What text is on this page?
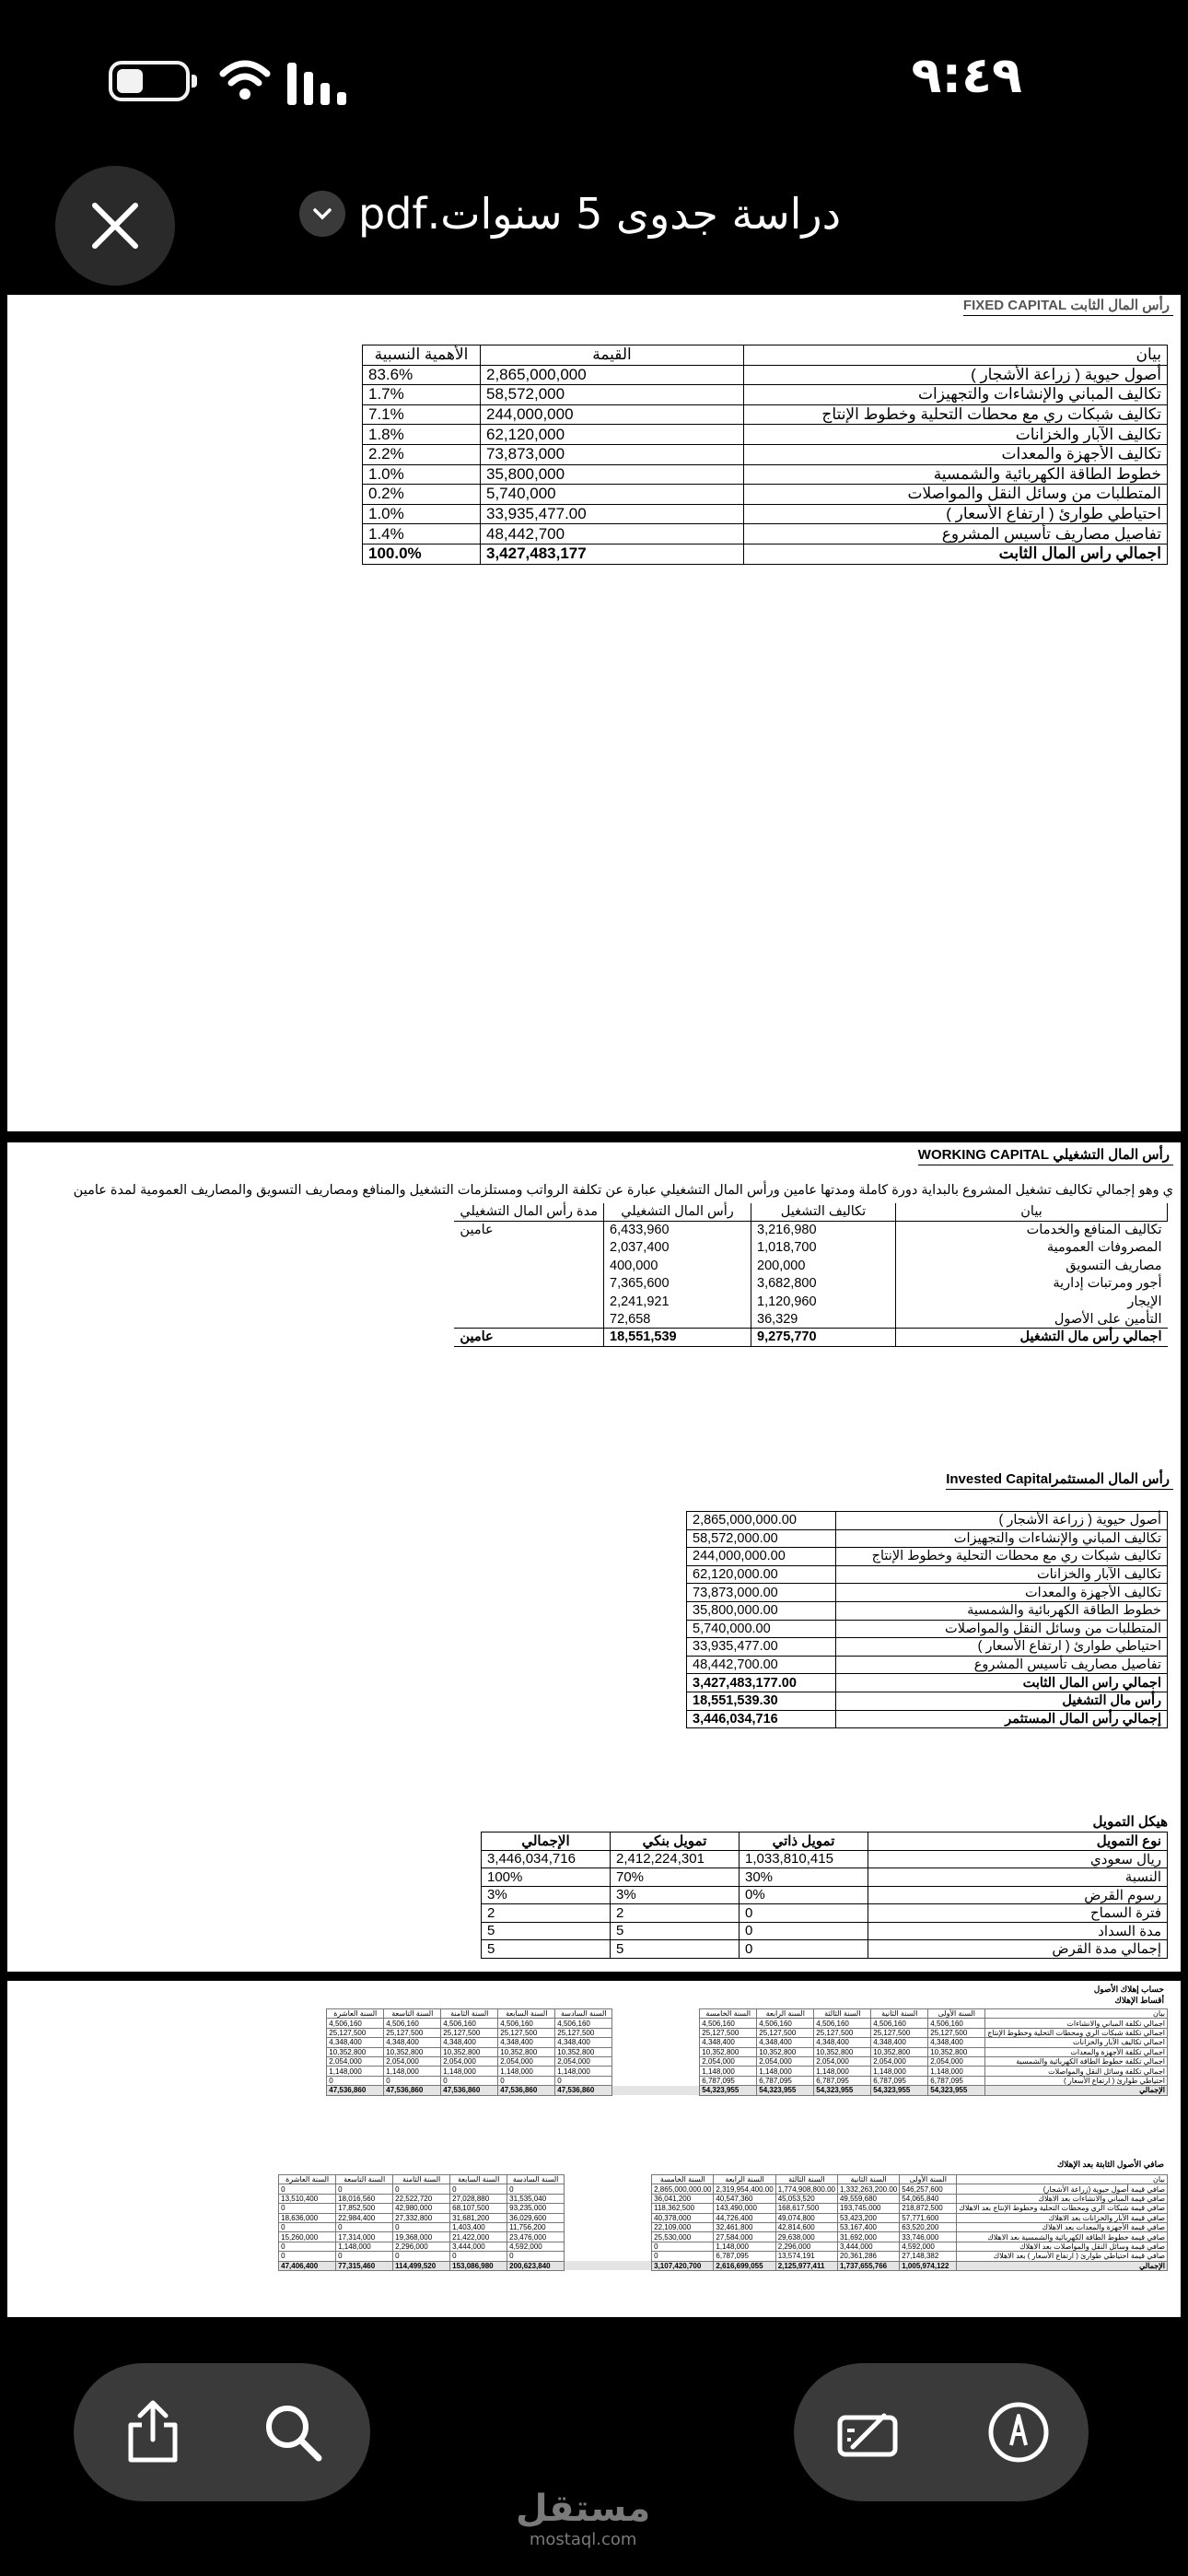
٩:٤٩
دراسة جدوى 5 سنوات.pdf
رأس المال الثابت FIXED CAPITAL
بيان	القيمة	الأهمية النسبية
أصول حيوية ( زراعة الأشجار )	2,865,000,000	83.6%
تكاليف المباني والإنشاءات والتجهيزات	58,572,000	1.7%
تكاليف شبكات ري مع محطات التحلية وخطوط الإنتاج	244,000,000	7.1%
تكاليف الآبار والخزانات	62,120,000	1.8%
تكاليف الأجهزة والمعدات	73,873,000	2.2%
خطوط الطاقة الكهربائية والشمسية	35,800,000	1.0%
المتطلبات من وسائل النقل والمواصلات	5,740,000	0.2%
احتياطي طوارئ ( ارتفاع الأسعار )	33,935,477.00	1.0%
تفاصيل مصاريف تأسيس المشروع	48,442,700	1.4%
اجمالي راس المال الثابت	3,427,483,177	100.0%
رأس المال التشغيلي WORKING CAPITAL
ي وهو إجمالي تكاليف تشغيل المشروع بالبداية دورة كاملة ومدتها عامين ورأس المال التشغيلي عبارة عن تكلفة الرواتب ومستلزمات التشغيل والمنافع ومصاريف التسويق والمصاريف العمومية لمدة عامين
بيان	تكاليف التشغيل	رأس المال التشغيلي	مدة رأس المال التشغيلي
تكاليف المنافع والخدمات	3,216,980	6,433,960	عامين
المصروفات العمومية	1,018,700	2,037,400	
مصاريف التسويق	200,000	400,000	
أجور ومرتبات إدارية	3,682,800	7,365,600	
الإيجار	1,120,960	2,241,921	
التأمين على الأصول	36,329	72,658	
اجمالي رأس مال التشغيل	9,275,770	18,551,539	عامين
رأس المال المستثمرInvested Capital
أصول حيوية ( زراعة الأشجار )	2,865,000,000.00
تكاليف المباني والإنشاءات والتجهيزات	58,572,000.00
تكاليف شبكات ري مع محطات التحلية وخطوط الإنتاج	244,000,000.00
تكاليف الآبار والخزانات	62,120,000.00
تكاليف الأجهزة والمعدات	73,873,000.00
خطوط الطاقة الكهربائية والشمسية	35,800,000.00
المتطلبات من وسائل النقل والمواصلات	5,740,000.00
احتياطي طوارئ ( ارتفاع الأسعار )	33,935,477.00
تفاصيل مصاريف تأسيس المشروع	48,442,700.00
اجمالي راس المال الثابت	3,427,483,177.00
رأس مال التشغيل	18,551,539.30
إجمالي رأس المال المستثمر	3,446,034,716
هيكل التمويل
نوع التمويل	تمويل ذاتي	تمويل بنكي	الإجمالي
ريال سعودي	1,033,810,415	2,412,224,301	3,446,034,716
النسبة	30%	70%	100%
رسوم القرض	0%	3%	3%
فترة السماح	0	2	2
مدة السداد	0	5	5
إجمالي مدة القرض	0	5	5
حساب إهلاك الأصول
أقساط الإهلاك
بيان	السنة الأولى	السنة الثانية	السنة الثالثة	السنة الرابعة	السنة الخامسة		السنة السادسة	السنة السابعة	السنة الثامنة	السنة التاسعة	السنة العاشرة
اجمالي تكلفة المباني والانشاءات	4,506,160	4,506,160	4,506,160	4,506,160	4,506,160		4,506,160	4,506,160	4,506,160	4,506,160	4,506,160
اجمالي تكلفة شبكات الري ومحطات التحلية وخطوط الإنتاج	25,127,500	25,127,500	25,127,500	25,127,500	25,127,500		25,127,500	25,127,500	25,127,500	25,127,500	25,127,500
اجمالي تكاليف الآبار والخزانات	4,348,400	4,348,400	4,348,400	4,348,400	4,348,400		4,348,400	4,348,400	4,348,400	4,348,400	4,348,400
اجمالي تكلفة الأجهزة والمعدات	10,352,800	10,352,800	10,352,800	10,352,800	10,352,800		10,352,800	10,352,800	10,352,800	10,352,800	10,352,800
اجمالي تكلفة خطوط الطاقة الكهربائية والشمسية	2,054,000	2,054,000	2,054,000	2,054,000	2,054,000		2,054,000	2,054,000	2,054,000	2,054,000	2,054,000
اجمالي تكلفة وسائل النقل والمواصلات	1,148,000	1,148,000	1,148,000	1,148,000	1,148,000		1,148,000	1,148,000	1,148,000	1,148,000	1,148,000
احتياطي طوارئ ( ارتفاع الأسعار )	6,787,095	6,787,095	6,787,095	6,787,095	6,787,095		0	0	0	0	0
الإجمالي	54,323,955	54,323,955	54,323,955	54,323,955	54,323,955		47,536,860	47,536,860	47,536,860	47,536,860	47,536,860
صافي الأصول الثابتة بعد الإهلاك
بيان	السنة الأولى	السنة الثانية	السنة الثالثة	السنة الرابعة	السنة الخامسة		السنة السادسة	السنة السابعة	السنة الثامنة	السنة التاسعة	السنة العاشرة
صافي قيمة أصول حيوية (زراعة الأشجار)	546,257,600	1,332,263,200.00	1,774,908,800.00	2,319,954,400.00	2,865,000,000.00		0	0	0	0	0
صافي قيمة المباني والانشاءات بعد الاهلاك	54,065,840	49,559,680	45,053,520	40,547,360	36,041,200		31,535,040	27,028,880	22,522,720	18,016,560	13,510,400
صافي قيمة شبكات الري ومحطات التحلية وخطوط الإنتاج بعد الاهلاك	218,872,500	193,745,000	168,617,500	143,490,000	118,362,500		93,235,000	68,107,500	42,980,000	17,852,500	0
صافي قيمة الآبار والخزانات بعد الاهلاك	57,771,600	53,423,200	49,074,800	44,726,400	40,378,000		36,029,600	31,681,200	27,332,800	22,984,400	18,636,000
صافي قيمة الأجهزة والمعدات بعد الاهلاك	63,520,200	53,167,400	42,814,600	32,461,800	22,109,000		11,756,200	1,403,400	0	0	0
صافي قيمة خطوط الطاقة الكهربائية والشمسية بعد الاهلاك	33,746,000	31,692,000	29,638,000	27,584,000	25,530,000		23,476,000	21,422,000	19,368,000	17,314,000	15,260,000
صافي قيمة وسائل النقل والمواصلات بعد الاهلاك	4,592,000	3,444,000	2,296,000	1,148,000	0		4,592,000	3,444,000	2,296,000	1,148,000	0
صافي قيمة احتياطي طوارئ ( ارتفاع الأسعار ) بعد الاهلاك	27,148,382	20,361,286	13,574,191	6,787,095	0		0	0	0	0	0
الإجمالي	1,005,974,122	1,737,655,766	2,125,977,411	2,616,699,055	3,107,420,700		200,623,840	153,086,980	114,499,520	77,315,460	47,406,400
مستقل
mostaql.com
